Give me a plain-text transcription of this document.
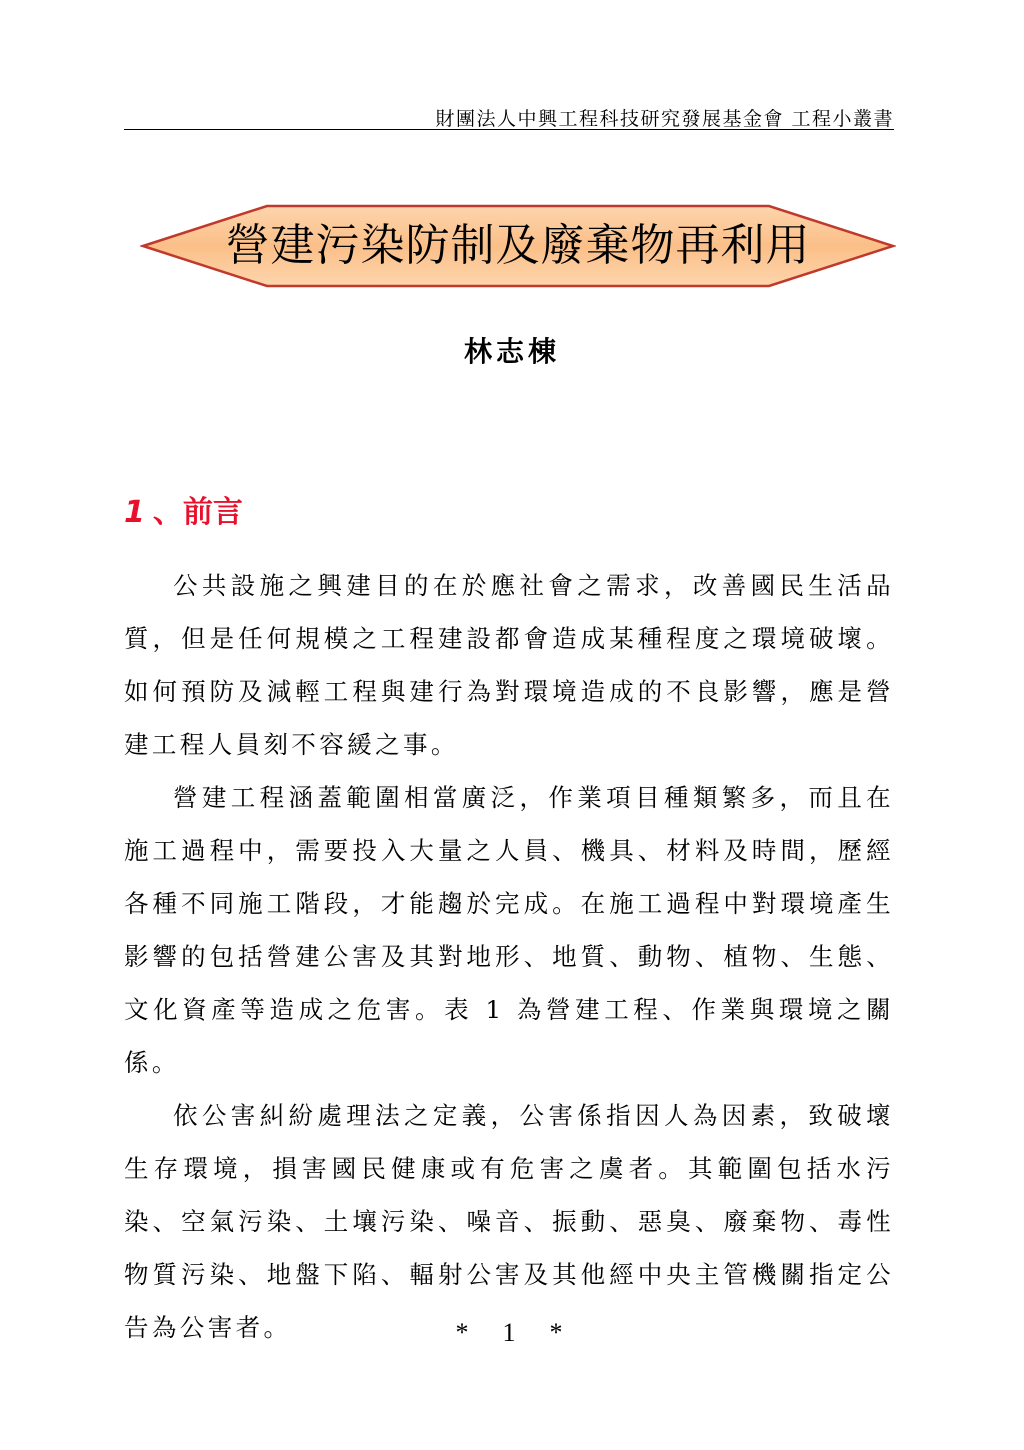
財團法人中興工程科技研究發展基金會 工程小叢書
營建污染防制及廢棄物再利用
林志棟
1 、前言

公共設施之興建目的在於應社會之需求，改善國民生活品質，但是任何規模之工程建設都會造成某種程度之環境破壞。如何預防及減輕工程與建行為對環境造成的不良影響，應是營建工程人員刻不容緩之事。

營建工程涵蓋範圍相當廣泛，作業項目種類繁多，而且在施工過程中，需要投入大量之人員、機具、材料及時間，歷經各種不同施工階段，才能趨於完成。在施工過程中對環境產生影響的包括營建公害及其對地形、地質、動物、植物、生態、文化資產等造成之危害。表 1 為營建工程、作業與環境之關係。

依公害糾紛處理法之定義，公害係指因人為因素，致破壞生存環境，損害國民健康或有危害之虞者。其範圍包括水污染、空氣污染、土壤污染、噪音、振動、惡臭、廢棄物、毒性物質污染、地盤下陷、輻射公害及其他經中央主管機關指定公告為公害者。	* 1 *
